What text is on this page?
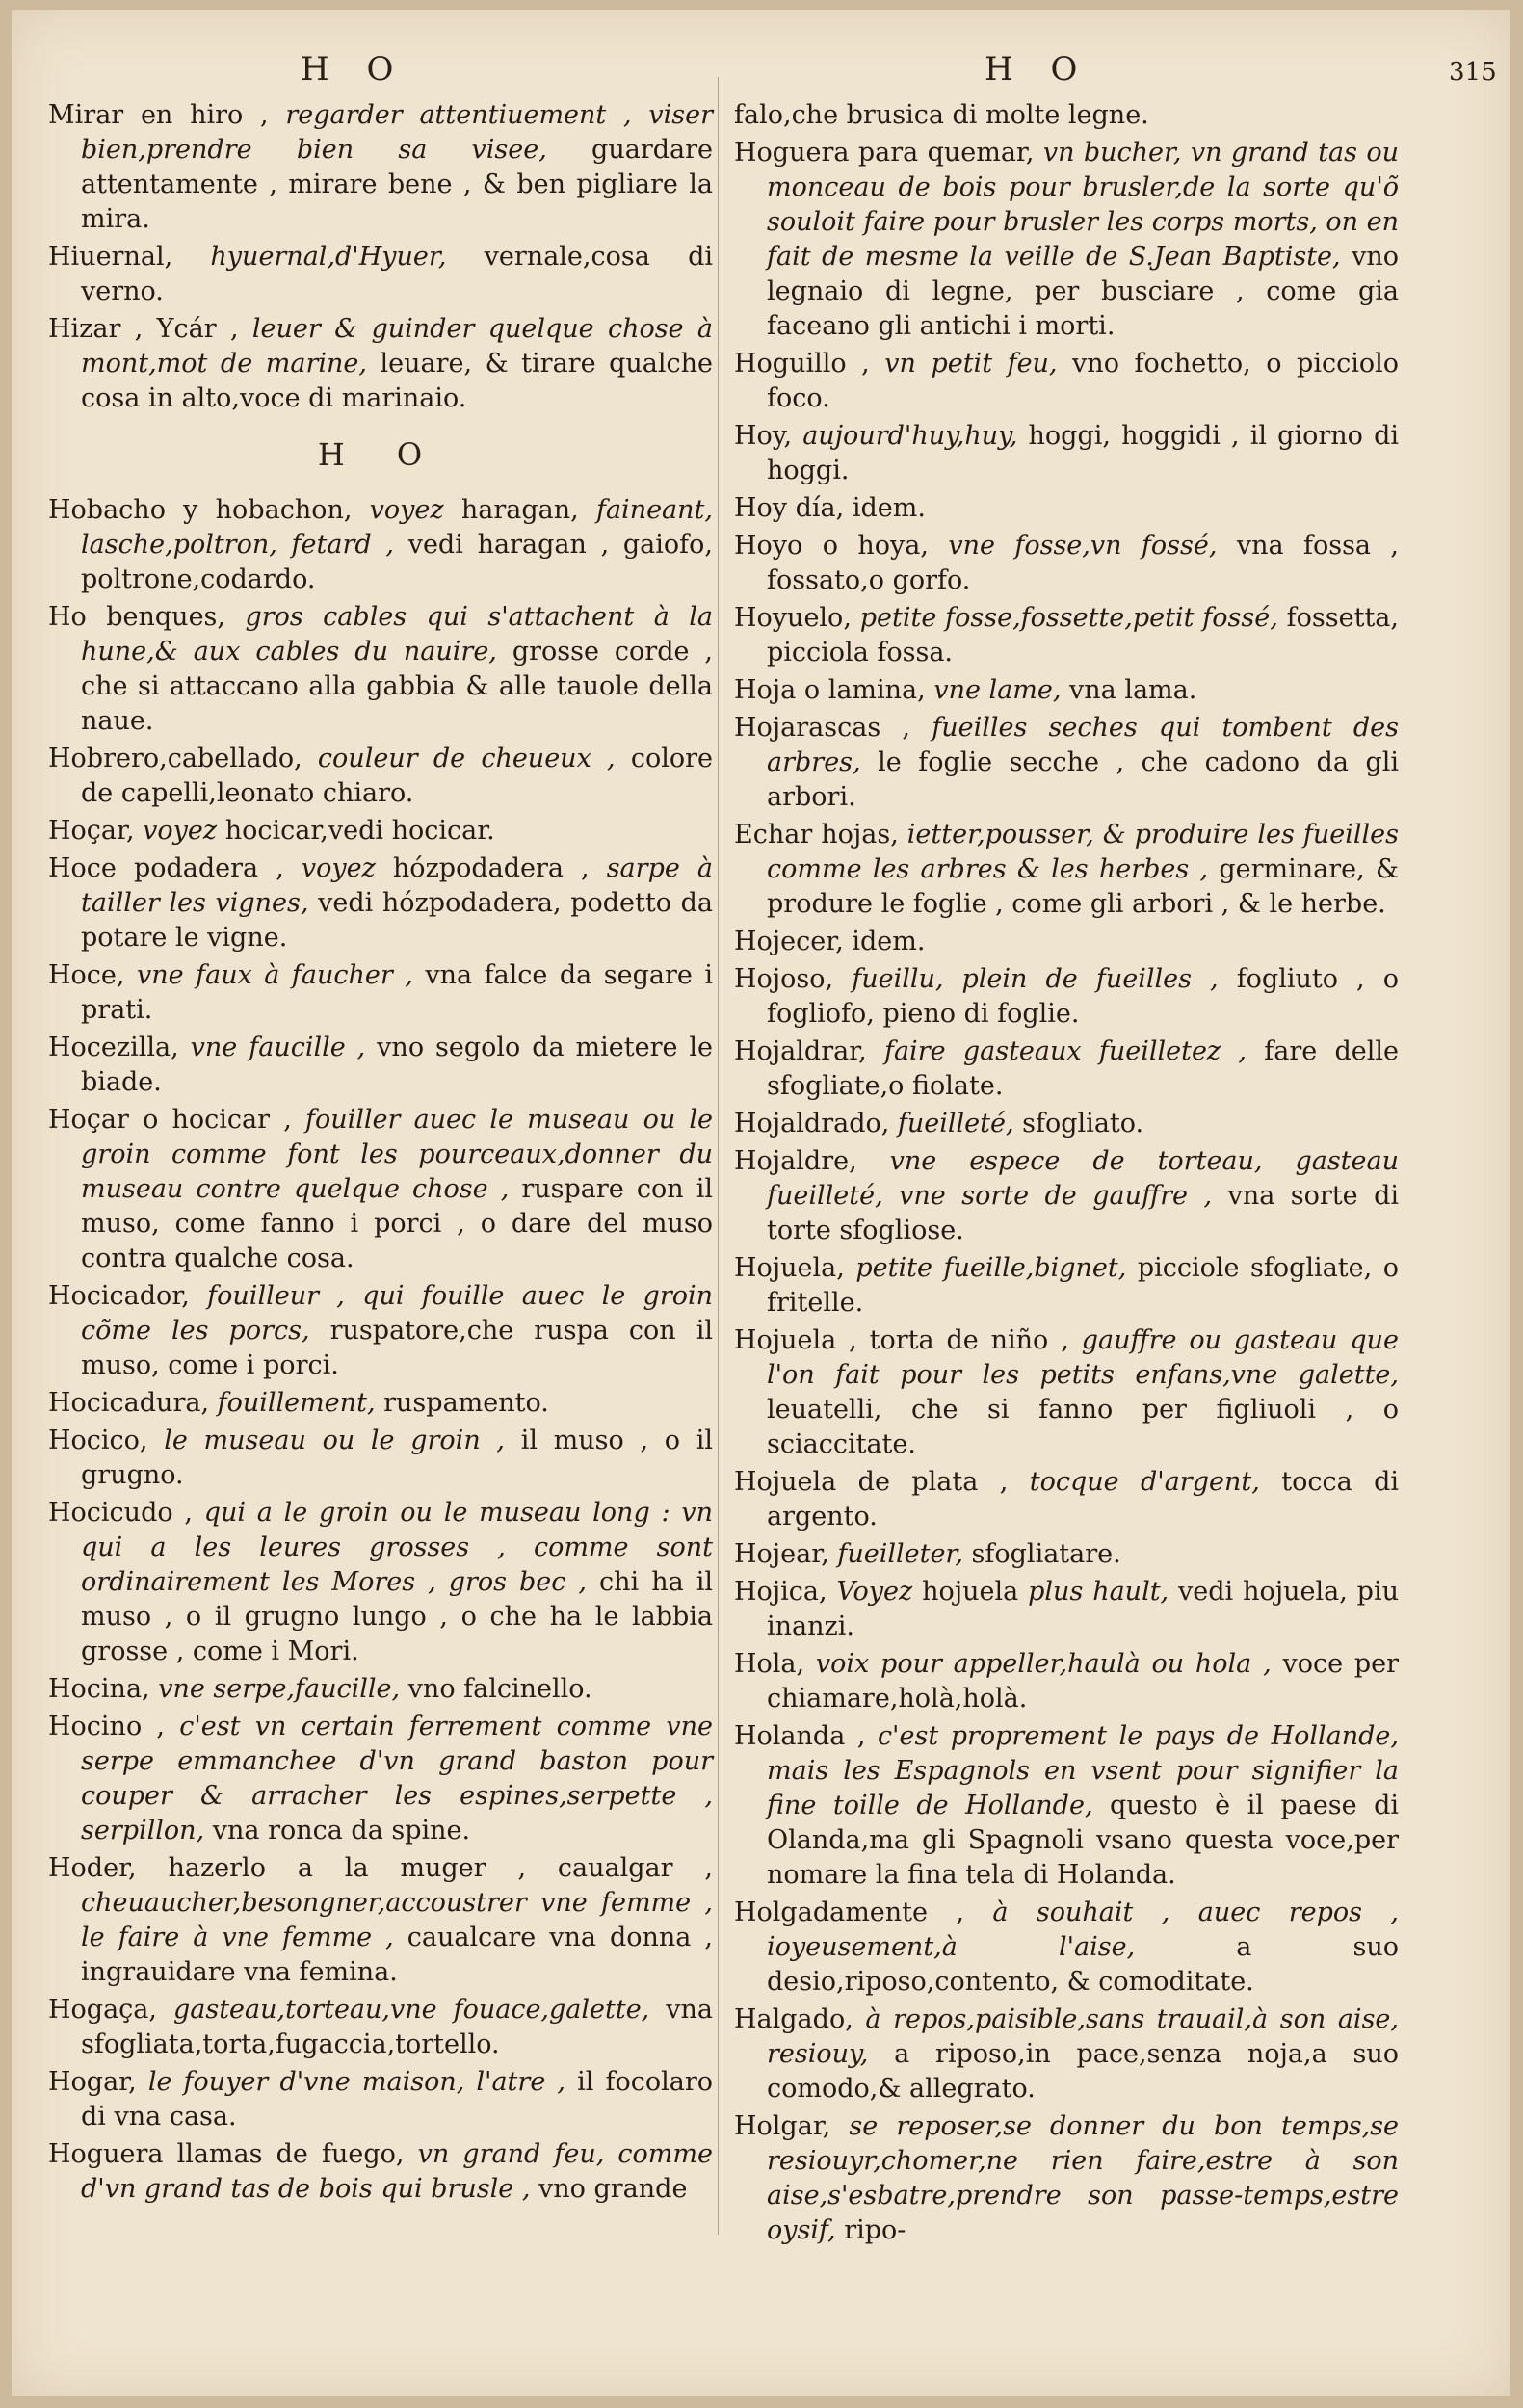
H O	H O	315

Mirar en hiro , regarder attentiuement , viser bien,prendre bien sa visee, guardare attentamente , mirare bene , & ben pigliare la mira.

Hiuernal, hyuernal,d'Hyuer, vernale,cosa di verno.

Hizar , Ycár , leuer & guinder quelque chose à mont,mot de marine, leuare, & tirare qualche cosa in alto,voce di marinaio.

H O

Hobacho y hobachon, voyez haragan, faineant, lasche,poltron, fetard , vedi haragan , gaiofo, poltrone,codardo.

Ho benques, gros cables qui s'attachent à la hune,& aux cables du nauire, grosse corde , che si attaccano alla gabbia & alle tauole della naue.

Hobrero,cabellado, couleur de cheueux , colore de capelli,leonato chiaro.

Hoçar, voyez hocicar,vedi hocicar.

Hoce podadera , voyez hózpodadera , sarpe à tailler les vignes, vedi hózpodadera, podetto da potare le vigne.

Hoce, vne faux à faucher , vna falce da segare i prati.

Hocezilla, vne faucille , vno segolo da mietere le biade.

Hoçar o hocicar , fouiller auec le museau ou le groin comme font les pourceaux,donner du museau contre quelque chose , ruspare con il muso, come fanno i porci , o dare del muso contra qualche cosa.

Hocicador, fouilleur , qui fouille auec le groin cõme les porcs, ruspatore,che ruspa con il muso, come i porci.

Hocicadura, fouillement, ruspamento.

Hocico, le museau ou le groin , il muso , o il grugno.

Hocicudo , qui a le groin ou le museau long : vn qui a les leures grosses , comme sont ordinairement les Mores , gros bec , chi ha il muso , o il grugno lungo , o che ha le labbia grosse , come i Mori.

Hocina, vne serpe,faucille, vno falcinello.

Hocino , c'est vn certain ferrement comme vne serpe emmanchee d'vn grand baston pour couper & arracher les espines,serpette , serpillon, vna ronca da spine.

Hoder, hazerlo a la muger , caualgar , cheuaucher,besongner,accoustrer vne femme , le faire à vne femme , caualcare vna donna , ingrauidare vna femina.

Hogaça, gasteau,torteau,vne fouace,galette, vna sfogliata,torta,fugaccia,tortello.

Hogar, le fouyer d'vne maison, l'atre , il focolaro di vna casa.

Hoguera llamas de fuego, vn grand feu, comme d'vn grand tas de bois qui brusle , vno grande

falo,che brusica di molte legne.

Hoguera para quemar, vn bucher, vn grand tas ou monceau de bois pour brusler,de la sorte qu'õ souloit faire pour brusler les corps morts, on en fait de mesme la veille de S.Jean Baptiste, vno legnaio di legne, per busciare , come gia faceano gli antichi i morti.

Hoguillo , vn petit feu, vno fochetto, o picciolo foco.

Hoy, aujourd'huy,huy, hoggi, hoggidi , il giorno di hoggi.

Hoy día, idem.

Hoyo o hoya, vne fosse,vn fossé, vna fossa , fossato,o gorfo.

Hoyuelo, petite fosse,fossette,petit fossé, fossetta, picciola fossa.

Hoja o lamina, vne lame, vna lama.

Hojarascas , fueilles seches qui tombent des arbres, le foglie secche , che cadono da gli arbori.

Echar hojas, ietter,pousser, & produire les fueilles comme les arbres & les herbes , germinare, & produre le foglie , come gli arbori , & le herbe.

Hojecer, idem.

Hojoso, fueillu, plein de fueilles , fogliuto , o fogliofo, pieno di foglie.

Hojaldrar, faire gasteaux fueilletez , fare delle sfogliate,o fiolate.

Hojaldrado, fueilleté, sfogliato.

Hojaldre, vne espece de torteau, gasteau fueilleté, vne sorte de gauffre , vna sorte di torte sfogliose.

Hojuela, petite fueille,bignet, picciole sfogliate, o fritelle.

Hojuela , torta de niño , gauffre ou gasteau que l'on fait pour les petits enfans,vne galette, leuatelli, che si fanno per figliuoli , o sciaccitate.

Hojuela de plata , tocque d'argent, tocca di argento.

Hojear, fueilleter, sfogliatare.

Hojica, Voyez hojuela plus hault, vedi hojuela, piu inanzi.

Hola, voix pour appeller,haulà ou hola , voce per chiamare,holà,holà.

Holanda , c'est proprement le pays de Hollande, mais les Espagnols en vsent pour signifier la fine toille de Hollande, questo è il paese di Olanda,ma gli Spagnoli vsano questa voce,per nomare la fina tela di Holanda.

Holgadamente , à souhait , auec repos , ioyeusement,à l'aise, a suo desio,riposo,contento, & comoditate.

Halgado, à repos,paisible,sans trauail,à son aise, resiouy, a riposo,in pace,senza noja,a suo comodo,& allegrato.

Holgar, se reposer,se donner du bon temps,se resiouyr,chomer,ne rien faire,estre à son aise,s'esbatre,prendre son passe-temps,estre oysif, ripo-
